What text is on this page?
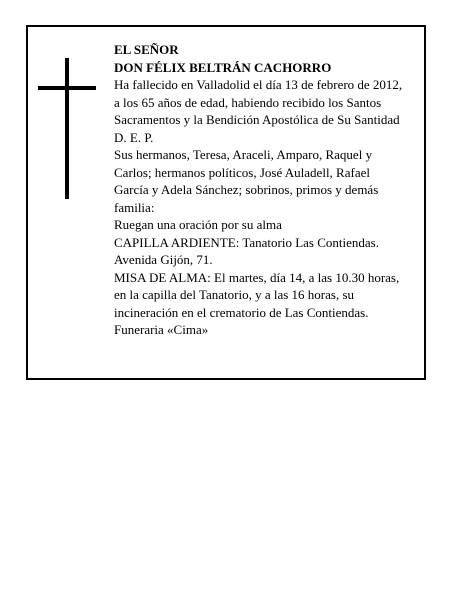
EL SEÑOR
DON FÉLIX BELTRÁN CACHORRO
Ha fallecido en Valladolid el día 13 de febrero de 2012,
a los 65 años de edad, habiendo recibido los Santos
Sacramentos y la Bendición Apostólica de Su Santidad
D. E. P.
Sus hermanos, Teresa, Araceli, Amparo, Raquel y
Carlos; hermanos políticos, José Auladell, Rafael
García y Adela Sánchez; sobrinos, primos y demás
familia:
Ruegan una oración por su alma
CAPILLA ARDIENTE: Tanatorio Las Contiendas.
Avenida Gijón, 71.
MISA DE ALMA: El martes, día 14, a las 10.30 horas,
en la capilla del Tanatorio, y a las 16 horas, su
incineración en el crematorio de Las Contiendas.
Funeraria «Cima»
